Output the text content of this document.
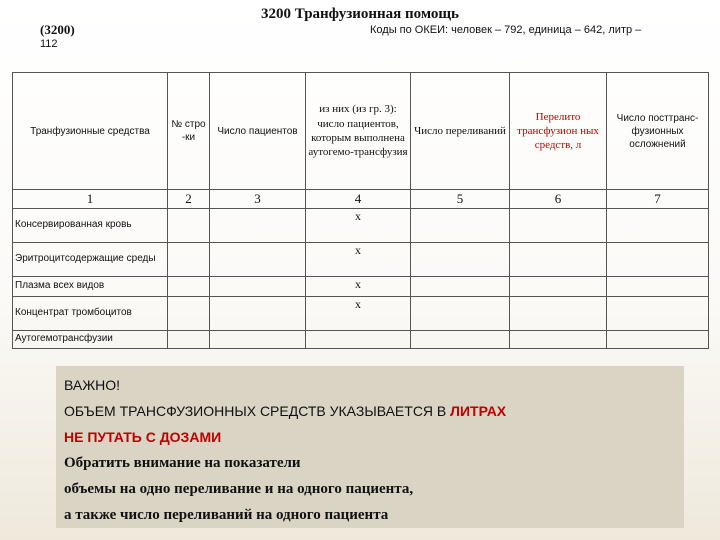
(3200)
112
3200 Транфузионная помощь
Коды по ОКЕИ: человек – 792, единица – 642, литр –
Транфузионные средства	№ стро -ки	Число пациентов	из них (из гр. 3): число пациентов, которым выполнена аутогемо-трансфузия	Число переливаний	Перелито трансфузион ных средств, л	Число посттранс-фузионных осложнений
1	2	3	4	5	6	7
Консервированная кровь			х			
Эритроцитсодержащие среды			х			
Плазма всех видов			х			
Концентрат тромбоцитов			х			
Аутогемотрансфузии						
ВАЖНО!
ОБЪЕМ ТРАНСФУЗИОННЫХ СРЕДСТВ УКАЗЫВАЕТСЯ В ЛИТРАХ
НЕ ПУТАТЬ С ДОЗАМИ
Обратить внимание на показатели
объемы на одно переливание и на одного пациента,
а также число переливаний на одного пациента
